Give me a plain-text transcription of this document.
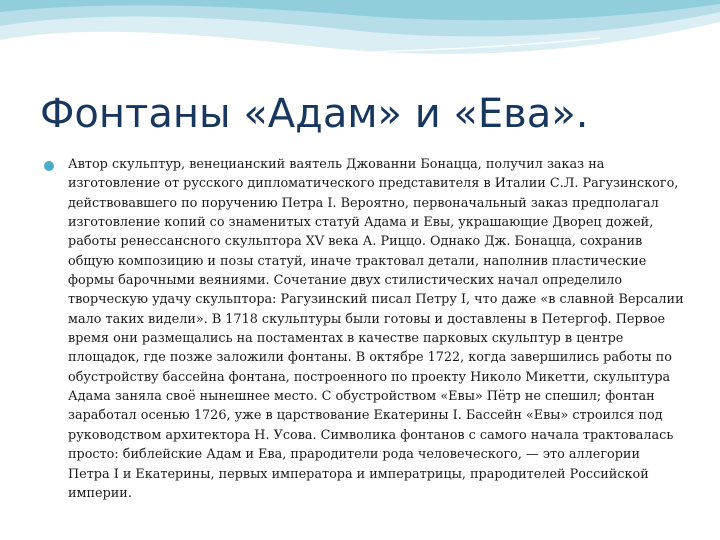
Фонтаны «Адам» и «Ева».
Автор скульптур, венецианский ваятель Джованни Бонацца, получил заказ на изготовление от русского дипломатического представителя в Италии С.Л. Рагузинского, действовавшего по поручению Петра I. Вероятно, первоначальный заказ предполагал изготовление копий со знаменитых статуй Адама и Евы, украшающие Дворец дожей, работы ренессансного скульптора XV века А. Риццо. Однако Дж. Бонацца, сохранив общую композицию и позы статуй, иначе трактовал детали, наполнив пластические формы барочными веяниями. Сочетание двух стилистических начал определило творческую удачу скульптора: Рагузинский писал Петру I, что даже «в славной Версалии мало таких видели». В 1718 скульптуры были готовы и доставлены в Петергоф. Первое время они размещались на постаментах в качестве парковых скульптур в центре площадок, где позже заложили фонтаны. В октябре 1722, когда завершились работы по обустройству бассейна фонтана, построенного по проекту Николо Микетти, скульптура Адама заняла своё нынешнее место. С обустройством «Евы» Пётр не спешил; фонтан заработал осенью 1726, уже в царствование Екатерины I. Бассейн «Евы» строился под руководством архитектора Н. Усова. Символика фонтанов с самого начала трактовалась просто: библейские Адам и Ева, прародители рода человеческого, — это аллегории Петра I и Екатерины, первых императора и императрицы, прародителей Российской империи.
